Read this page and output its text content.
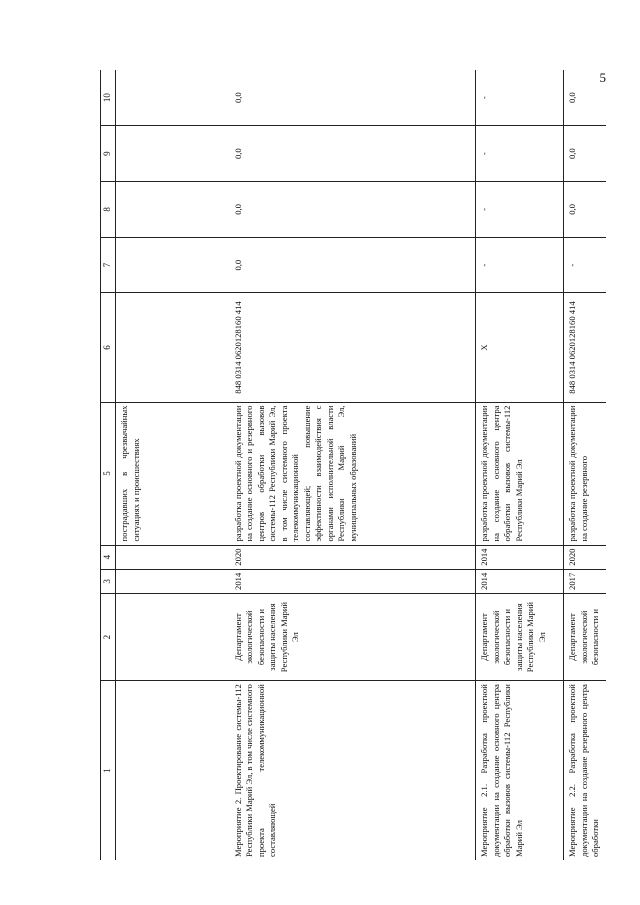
5
1	2	3	4	5	6	7	8	9	10
				пострадавших в чрезвычайных ситуациях и происшествиях					
Мероприятие 2. Проектирование системы-112 Республики Марий Эл, в том числе системного проекта телекоммуникационной составляющей	Департамент экологической безопасности и защиты населения Республики Марий Эл	2014	2020	разработка проектной документации на создание основного и резервного центров обработки вызовов системы-112 Республики Марий Эл, в том числе системного проекта телекоммуникационной составляющей; повышение эффективности взаимодействия с органами исполнительной власти Республики Марий Эл, муниципальных образований	848 0314 0620128160 414	0,0	0,0	0,0	0,0
Мероприятие 2.1. Разработка проектной документации на создание основного центра обработки вызовов системы-112 Республики Марий Эл	Департамент экологической безопасности и защиты населения Республики Марий Эл	2014	2014	разработка проектной документации на создание основного центра обработки вызовов системы-112 Республики Марий Эл	X	-	-	-	-
Мероприятие 2.2. Разработка проектной документации на создание резервного центра обработки	Департамент экологической безопасности и	2017	2020	разработка проектной документации на создание резервного	848 0314 0620128160 414	-	0,0	0,0	0,0
